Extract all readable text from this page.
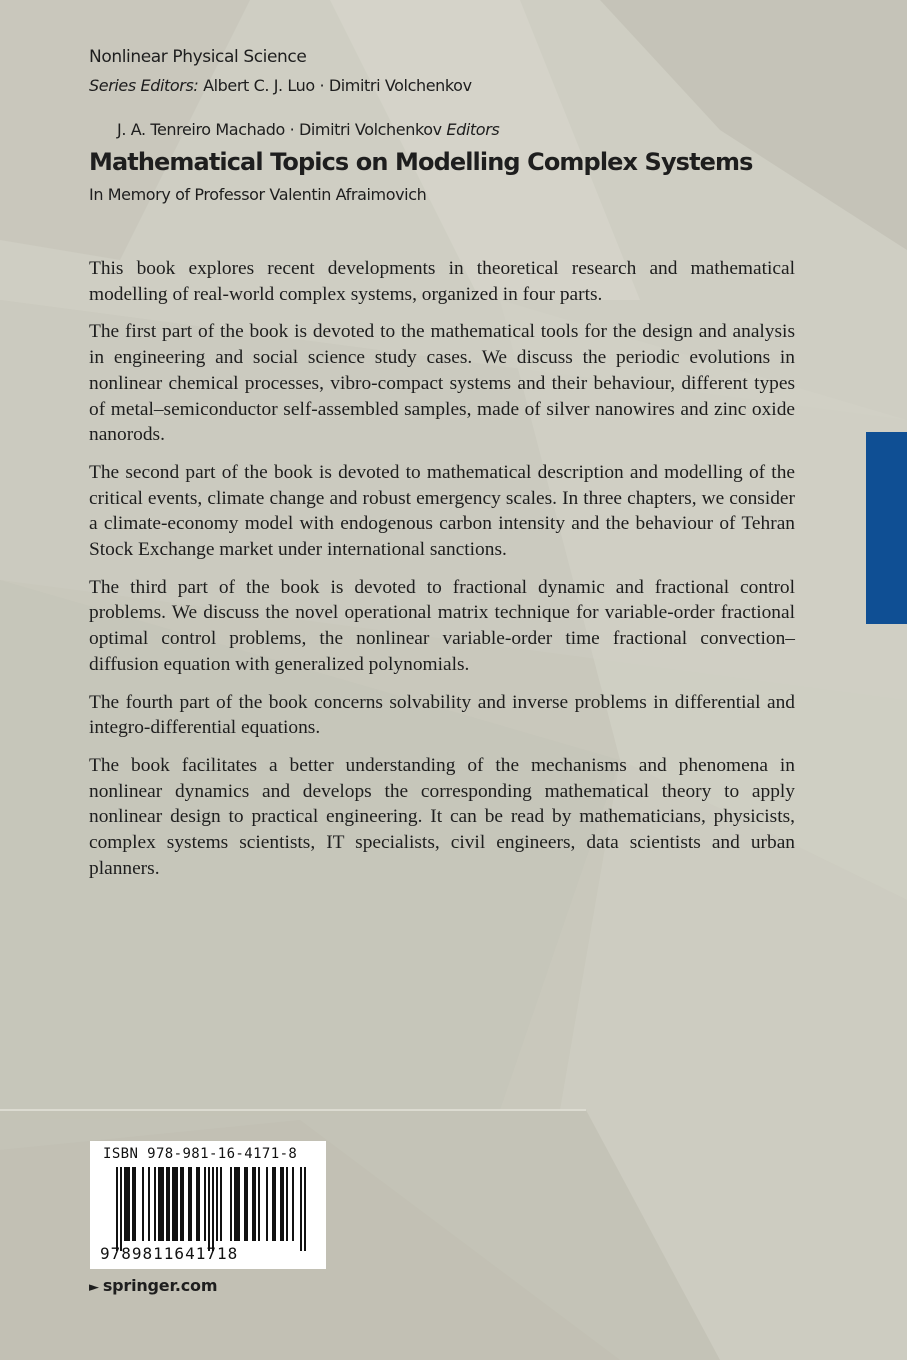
Nonlinear Physical Science
Series Editors: Albert C. J. Luo · Dimitri Volchenkov
J. A. Tenreiro Machado · Dimitri Volchenkov Editors
Mathematical Topics on Modelling Complex Systems
In Memory of Professor Valentin Afraimovich

This book explores recent developments in theoretical research and mathematical modelling of real-world complex systems, organized in four parts.

The first part of the book is devoted to the mathematical tools for the design and analysis in engineering and social science study cases. We discuss the periodic evolutions in nonlinear chemical processes, vibro-compact systems and their behaviour, different types of metal–semiconductor self-assembled samples, made of silver nanowires and zinc oxide nanorods.

The second part of the book is devoted to mathematical description and modelling of the critical events, climate change and robust emergency scales. In three chapters, we consider a climate-economy model with endogenous carbon intensity and the behaviour of Tehran Stock Exchange market under international sanctions.

The third part of the book is devoted to fractional dynamic and fractional control problems. We discuss the novel operational matrix technique for variable-order fractional optimal control problems, the nonlinear variable-order time fractional convection–diffusion equation with generalized polynomials.

The fourth part of the book concerns solvability and inverse problems in differential and integro-differential equations.

The book facilitates a better understanding of the mechanisms and phenomena in nonlinear dynamics and develops the corresponding mathematical theory to apply nonlinear design to practical engineering. It can be read by mathematicians, physicists, complex systems scientists, IT specialists, civil engineers, data scientists and urban planners.

ISBN 978-981-16-4171-8
9789811641718
► springer.com
